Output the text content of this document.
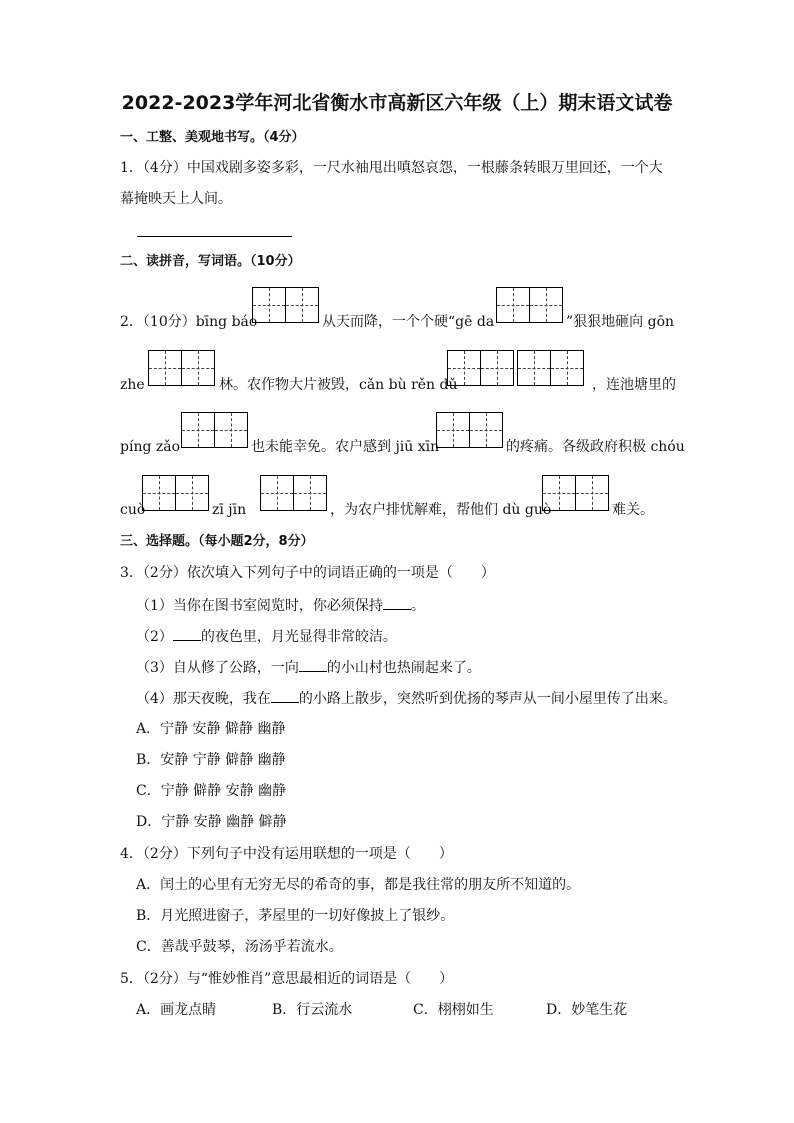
2022-2023学年河北省衡水市高新区六年级（上）期末语文试卷
一、工整、美观地书写。（4分）
1．（4分）中国戏剧多姿多彩，一尺水袖甩出嗔怒哀怨，一根藤条转眼万里回还，一个大
幕掩映天上人间。
二、读拼音，写词语。（10分）
2．（10分）bīng báo	从天而降，一个个硬“gē da	”狠狠地砸向 gōn
zhe	林。农作物大片被毁，cǎn bù rěn dǔ	，连池塘里的
píng zǎo	也未能幸免。农户感到 jiū xīn	的疼痛。各级政府积极 chóu
cuò	zī jīn	，为农户排忧解难，帮他们 dù guò	难关。
三、选择题。（每小题2分，8分）
3．（2分）依次填入下列句子中的词语正确的一项是（　　）
（1）当你在图书室阅览时，你必须保持 。
（2） 的夜色里，月光显得非常皎洁。
（3）自从修了公路，一向 的小山村也热闹起来了。
（4）那天夜晚，我在 的小路上散步，突然听到优扬的琴声从一间小屋里传了出来。
A．宁静 安静 僻静 幽静
B．安静 宁静 僻静 幽静
C．宁静 僻静 安静 幽静
D．宁静 安静 幽静 僻静
4．（2分）下列句子中没有运用联想的一项是（　　）
A．闰土的心里有无穷无尽的希奇的事，都是我往常的朋友所不知道的。
B．月光照进窗子，茅屋里的一切好像披上了银纱。
C．善哉乎鼓琴，汤汤乎若流水。
5．（2分）与“惟妙惟肖”意思最相近的词语是（　　）
A．画龙点睛	B．行云流水	C．栩栩如生	D．妙笔生花
